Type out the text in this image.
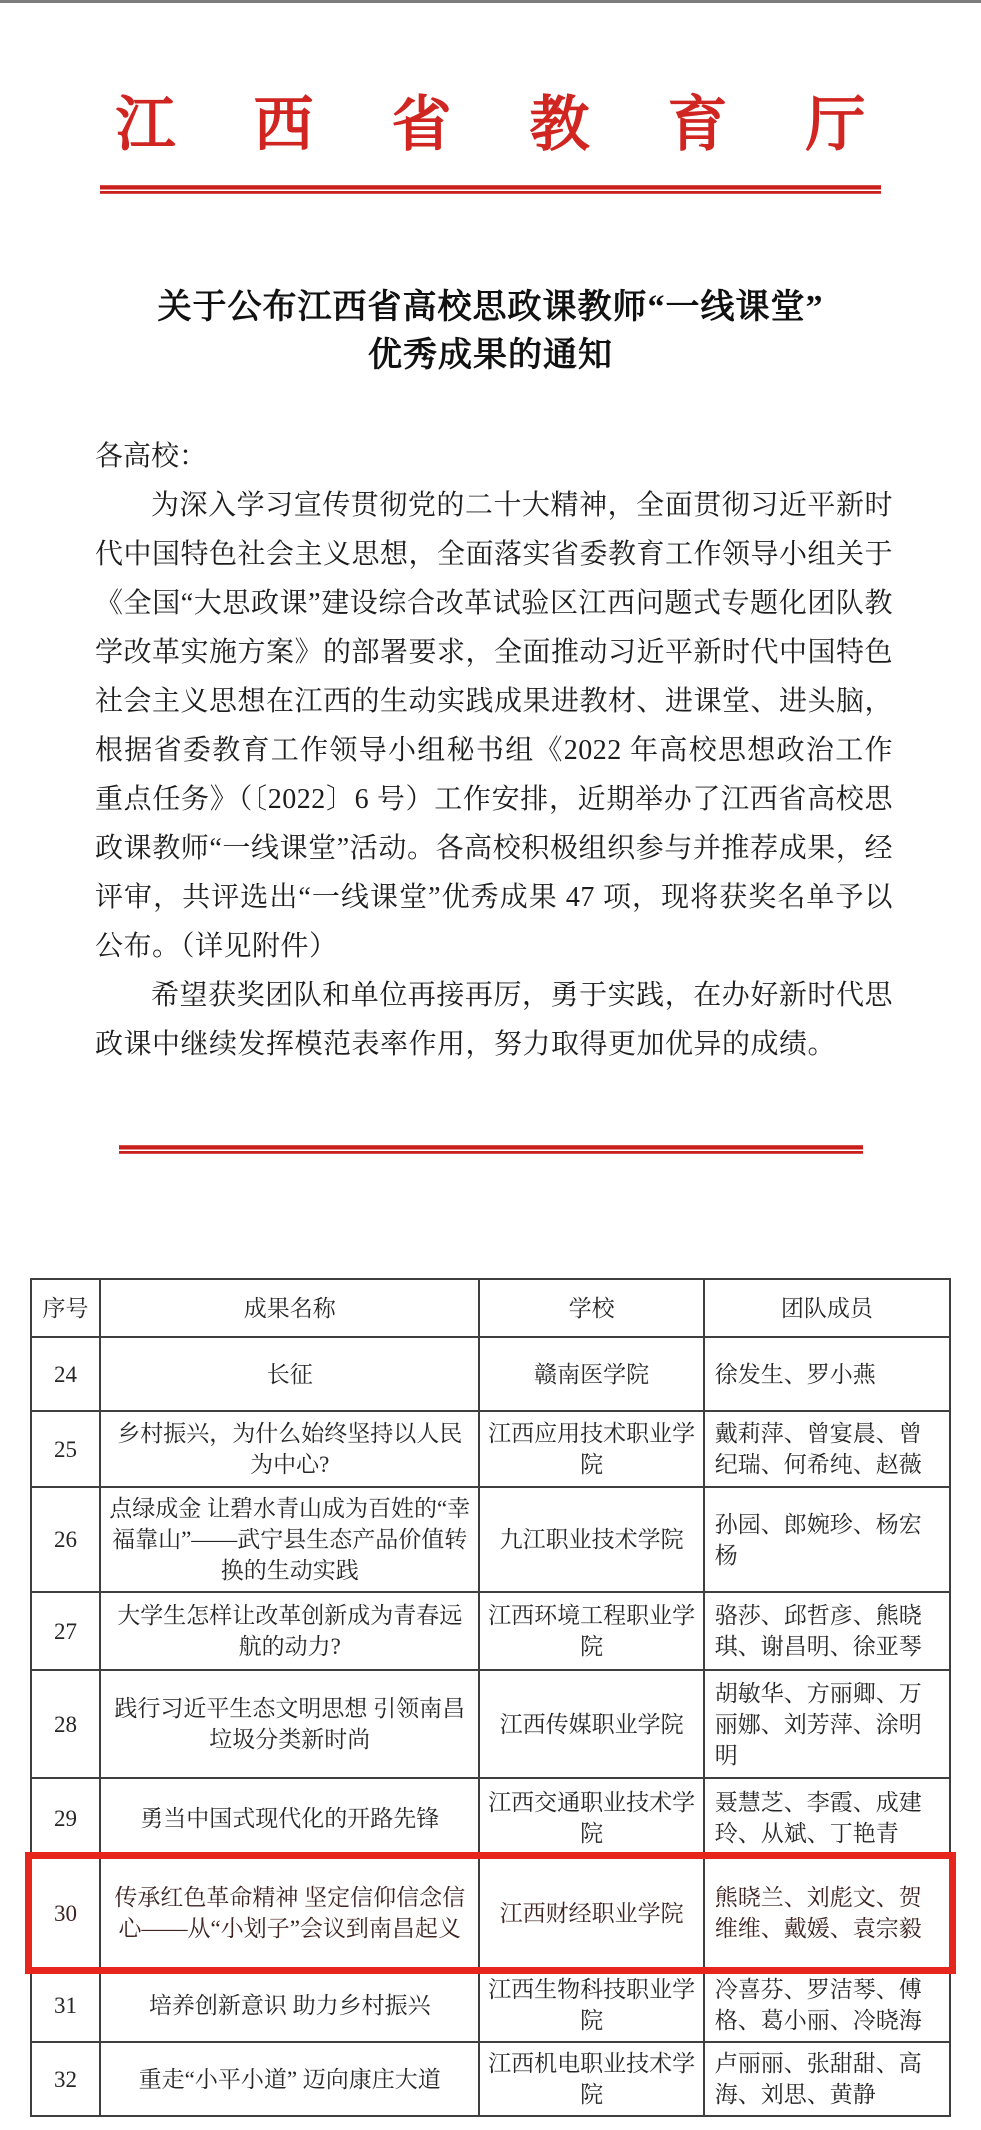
江西省教育厅
关于公布江西省高校思政课教师“一线课堂”
优秀成果的通知

各高校：

为深入学习宣传贯彻党的二十大精神，全面贯彻习近平新时代中国特色社会主义思想，全面落实省委教育工作领导小组关于《全国“大思政课”建设综合改革试验区江西问题式专题化团队教学改革实施方案》的部署要求，全面推动习近平新时代中国特色社会主义思想在江西的生动实践成果进教材、进课堂、进头脑，根据省委教育工作领导小组秘书组《2022 年高校思想政治工作重点任务》（〔2022〕6 号）工作安排，近期举办了江西省高校思政课教师“一线课堂”活动。各高校积极组织参与并推荐成果，经评审，共评选出“一线课堂”优秀成果 47 项，现将获奖名单予以公布。（详见附件）

希望获奖团队和单位再接再厉，勇于实践，在办好新时代思政课中继续发挥模范表率作用，努力取得更加优异的成绩。

序号	成果名称	学校	团队成员
24	长征	赣南医学院	徐发生、罗小燕
25	乡村振兴，为什么始终坚持以人民为中心?	江西应用技术职业学院	戴莉萍、曾宴晨、曾纪瑞、何希纯、赵薇
26	点绿成金 让碧水青山成为百姓的“幸福靠山”——武宁县生态产品价值转换的生动实践	九江职业技术学院	孙园、郎婉珍、杨宏杨
27	大学生怎样让改革创新成为青春远航的动力?	江西环境工程职业学院	骆莎、邱哲彦、熊晓琪、谢昌明、徐亚琴
28	践行习近平生态文明思想 引领南昌垃圾分类新时尚	江西传媒职业学院	胡敏华、方丽卿、万丽娜、刘芳萍、涂明明
29	勇当中国式现代化的开路先锋	江西交通职业技术学院	聂慧芝、李霞、成建玲、从斌、丁艳青
30	传承红色革命精神 坚定信仰信念信心——从“小划子”会议到南昌起义	江西财经职业学院	熊晓兰、刘彪文、贺维维、戴媛、袁宗毅
31	培养创新意识 助力乡村振兴	江西生物科技职业学院	冷喜芬、罗洁琴、傅格、葛小丽、冷晓海
32	重走“小平小道” 迈向康庄大道	江西机电职业技术学院	卢丽丽、张甜甜、高海、刘思、黄静
